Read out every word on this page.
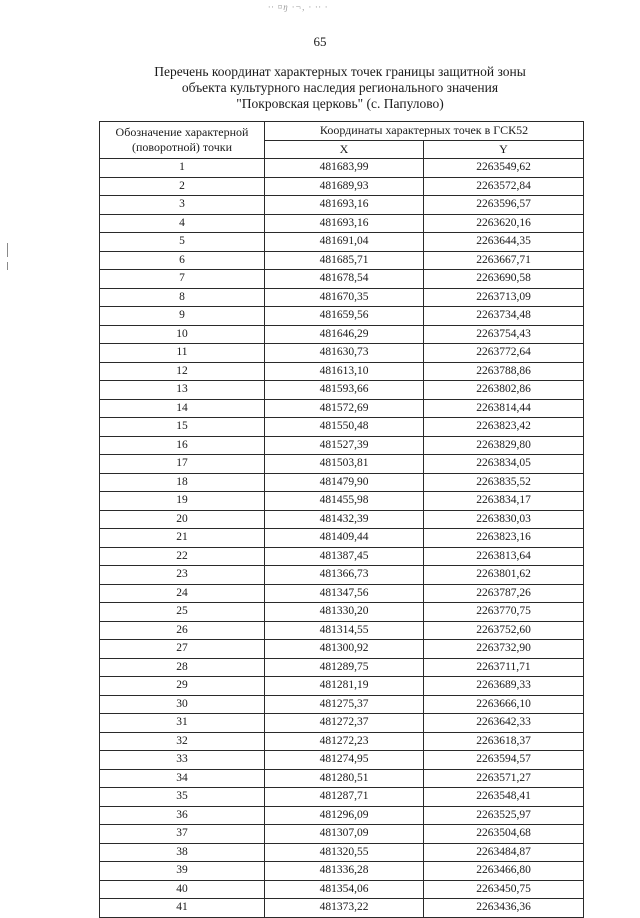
·· ¤ŋ ·¬, · ·· ·
65
Перечень координат характерных точек границы защитной зоны
объекта культурного наследия регионального значения
"Покровская церковь" (с. Папулово)
Обозначение характерной (поворотной) точки	Координаты характерных точек в ГСК52	
	X	Y
1	481683,99	2263549,62
2	481689,93	2263572,84
3	481693,16	2263596,57
4	481693,16	2263620,16
5	481691,04	2263644,35
6	481685,71	2263667,71
7	481678,54	2263690,58
8	481670,35	2263713,09
9	481659,56	2263734,48
10	481646,29	2263754,43
11	481630,73	2263772,64
12	481613,10	2263788,86
13	481593,66	2263802,86
14	481572,69	2263814,44
15	481550,48	2263823,42
16	481527,39	2263829,80
17	481503,81	2263834,05
18	481479,90	2263835,52
19	481455,98	2263834,17
20	481432,39	2263830,03
21	481409,44	2263823,16
22	481387,45	2263813,64
23	481366,73	2263801,62
24	481347,56	2263787,26
25	481330,20	2263770,75
26	481314,55	2263752,60
27	481300,92	2263732,90
28	481289,75	2263711,71
29	481281,19	2263689,33
30	481275,37	2263666,10
31	481272,37	2263642,33
32	481272,23	2263618,37
33	481274,95	2263594,57
34	481280,51	2263571,27
35	481287,71	2263548,41
36	481296,09	2263525,97
37	481307,09	2263504,68
38	481320,55	2263484,87
39	481336,28	2263466,80
40	481354,06	2263450,75
41	481373,22	2263436,36
